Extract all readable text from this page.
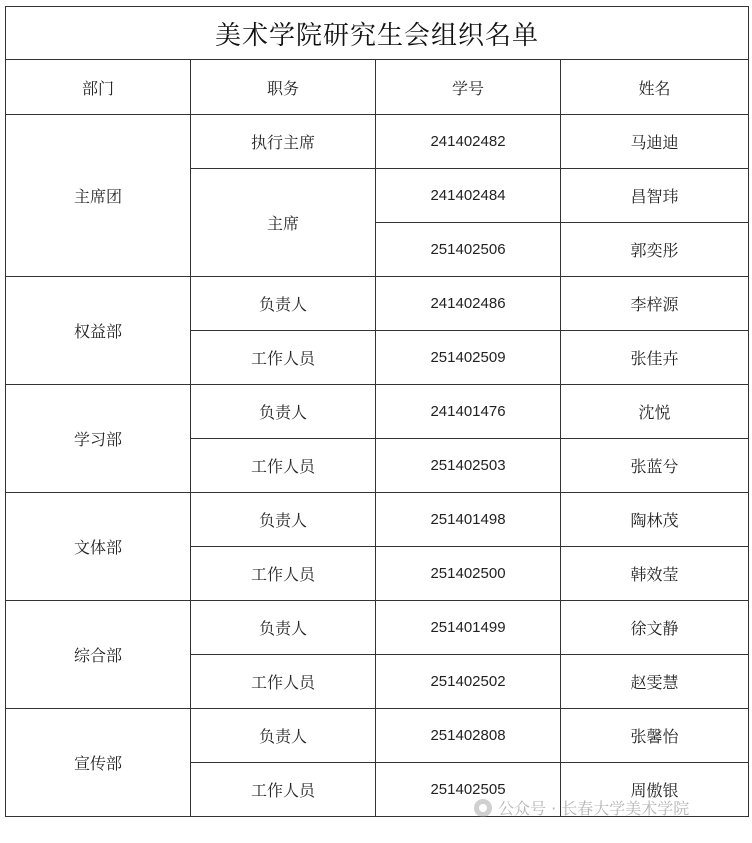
美术学院研究生会组织名单			
部门	职务	学号	姓名
主席团	执行主席	241402482	马迪迪
	主席	241402484	昌智玮
		251402506	郭奕彤
权益部	负责人	241402486	李梓源
	工作人员	251402509	张佳卉
学习部	负责人	241401476	沈悦
	工作人员	251402503	张蓝兮
文体部	负责人	251401498	陶林茂
	工作人员	251402500	韩效莹
综合部	负责人	251401499	徐文静
	工作人员	251402502	赵雯慧
宣传部	负责人	251402808	张馨怡
	工作人员	251402505	周傲银
公众号 · 长春大学美术学院
